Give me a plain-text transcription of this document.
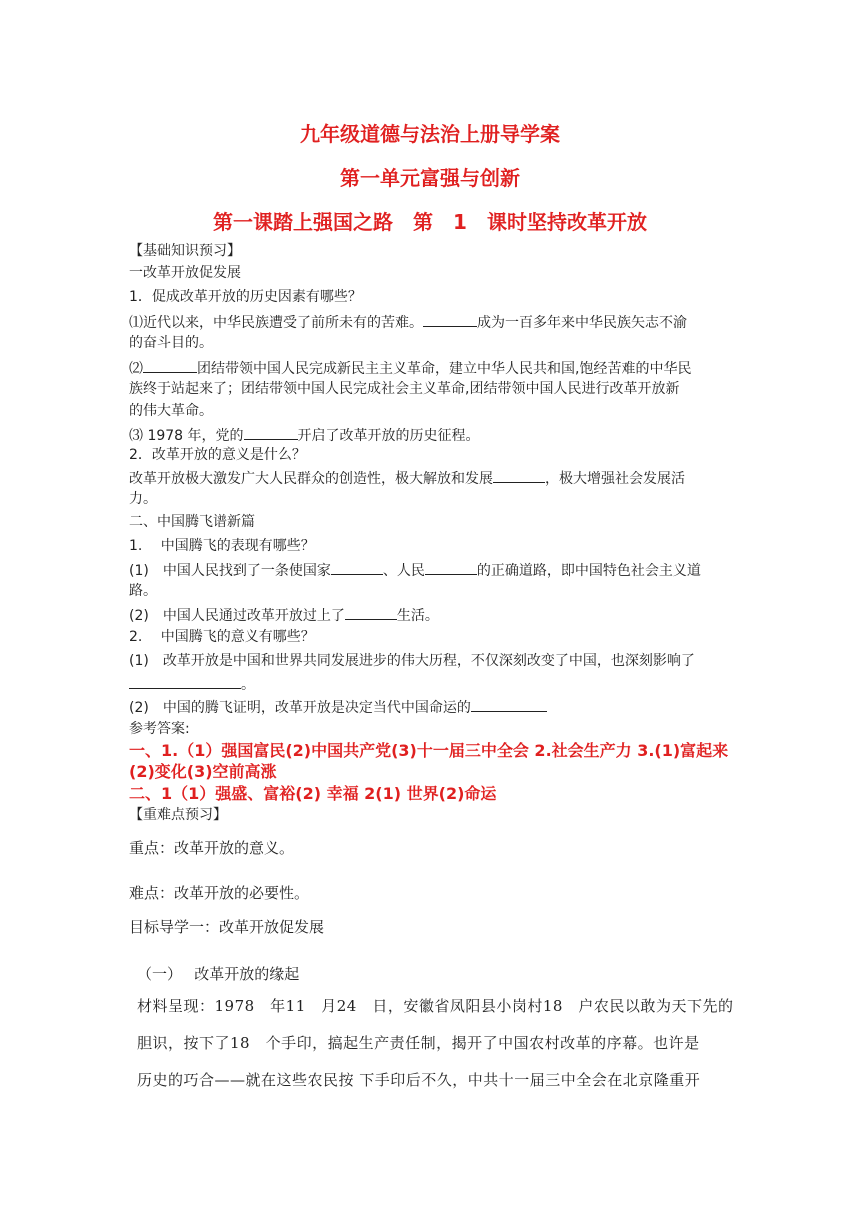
九年级道德与法治上册导学案
第一单元富强与创新
第一课踏上强国之路　第　1　课时坚持改革开放
【基础知识预习】
一改革开放促发展
1．促成改革开放的历史因素有哪些？
⑴近代以来，中华民族遭受了前所未有的苦难。	成为一百多年来中华民族矢志不渝
的奋斗目的。
⑵	团结带领中国人民完成新民主主义革命，建立中华人民共和国,饱经苦难的中华民
族终于站起来了；团结带领中国人民完成社会主义革命,团结带领中国人民进行改革开放新
的伟大革命。
⑶ 1978 年，党的	开启了改革开放的历史征程。
2．改革开放的意义是什么？
改革开放极大激发广大人民群众的创造性，极大解放和发展	，极大增强社会发展活
力。
二、中国腾飞谱新篇
1.　 中国腾飞的表现有哪些？
(1)　中国人民找到了一条使国家	、人民	的正确道路，即中国特色社会主义道
路。
(2)　中国人民通过改革开放过上了	生活。
2.　 中国腾飞的意义有哪些？
(1)　改革开放是中国和世界共同发展进步的伟大历程，不仅深刻改变了中国，也深刻影响了
。
(2)　中国的腾飞证明，改革开放是决定当代中国命运的
参考答案:
一、1.（1）强国富民(2)中国共产党(3)十一届三中全会 2.社会生产力 3.(1)富起来
(2)变化(3)空前高涨
二、1（1）强盛、富裕(2) 幸福 2(1) 世界(2)命运
【重难点预习】
重点：改革开放的意义。
难点：改革开放的必要性。
目标导学一：改革开放促发展
（一）　 改革开放的缘起
材料呈现：1978　年11　月24　日，安徽省凤阳县小岗村18　户农民以敢为天下先的
胆识，按下了18　个手印，搞起生产责任制，揭开了中国农村改革的序幕。也许是
历史的巧合——就在这些农民按 下手印后不久，中共十一届三中全会在北京隆重开
